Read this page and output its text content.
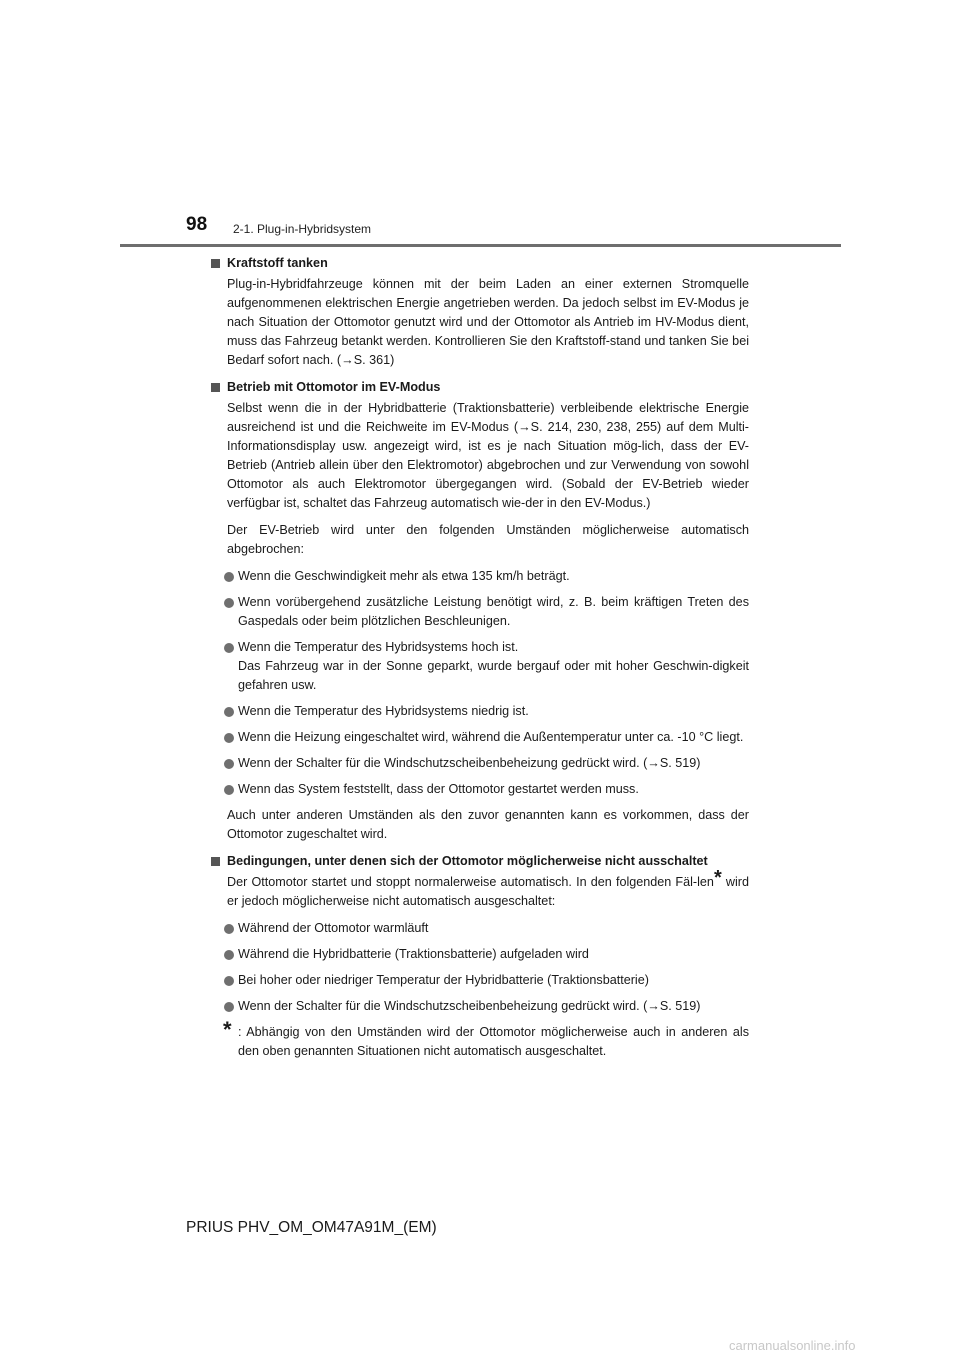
98 2-1. Plug-in-Hybridsystem
Kraftstoff tanken
Plug-in-Hybridfahrzeuge können mit der beim Laden an einer externen Stromquelle aufgenommenen elektrischen Energie angetrieben werden. Da jedoch selbst im EV-Modus je nach Situation der Ottomotor genutzt wird und der Ottomotor als Antrieb im HV-Modus dient, muss das Fahrzeug betankt werden. Kontrollieren Sie den Kraftstoff-stand und tanken Sie bei Bedarf sofort nach. (→S. 361)
Betrieb mit Ottomotor im EV-Modus
Selbst wenn die in der Hybridbatterie (Traktionsbatterie) verbleibende elektrische Energie ausreichend ist und die Reichweite im EV-Modus (→S. 214, 230, 238, 255) auf dem Multi-Informationsdisplay usw. angezeigt wird, ist es je nach Situation mög-lich, dass der EV-Betrieb (Antrieb allein über den Elektromotor) abgebrochen und zur Verwendung von sowohl Ottomotor als auch Elektromotor übergegangen wird. (Sobald der EV-Betrieb wieder verfügbar ist, schaltet das Fahrzeug automatisch wie-der in den EV-Modus.)
Der EV-Betrieb wird unter den folgenden Umständen möglicherweise automatisch abgebrochen:
Wenn die Geschwindigkeit mehr als etwa 135 km/h beträgt.
Wenn vorübergehend zusätzliche Leistung benötigt wird, z. B. beim kräftigen Treten des Gaspedals oder beim plötzlichen Beschleunigen.
Wenn die Temperatur des Hybridsystems hoch ist.
Das Fahrzeug war in der Sonne geparkt, wurde bergauf oder mit hoher Geschwin-digkeit gefahren usw.
Wenn die Temperatur des Hybridsystems niedrig ist.
Wenn die Heizung eingeschaltet wird, während die Außentemperatur unter ca. -10 °C liegt.
Wenn der Schalter für die Windschutzscheibenbeheizung gedrückt wird. (→S. 519)
Wenn das System feststellt, dass der Ottomotor gestartet werden muss.
Auch unter anderen Umständen als den zuvor genannten kann es vorkommen, dass der Ottomotor zugeschaltet wird.
Bedingungen, unter denen sich der Ottomotor möglicherweise nicht ausschaltet
Der Ottomotor startet und stoppt normalerweise automatisch. In den folgenden Fäl-len* wird er jedoch möglicherweise nicht automatisch ausgeschaltet:
Während der Ottomotor warmläuft
Während die Hybridbatterie (Traktionsbatterie) aufgeladen wird
Bei hoher oder niedriger Temperatur der Hybridbatterie (Traktionsbatterie)
Wenn der Schalter für die Windschutzscheibenbeheizung gedrückt wird. (→S. 519)
* : Abhängig von den Umständen wird der Ottomotor möglicherweise auch in anderen als den oben genannten Situationen nicht automatisch ausgeschaltet.
PRIUS PHV_OM_OM47A91M_(EM)
carmanualsonline.info
